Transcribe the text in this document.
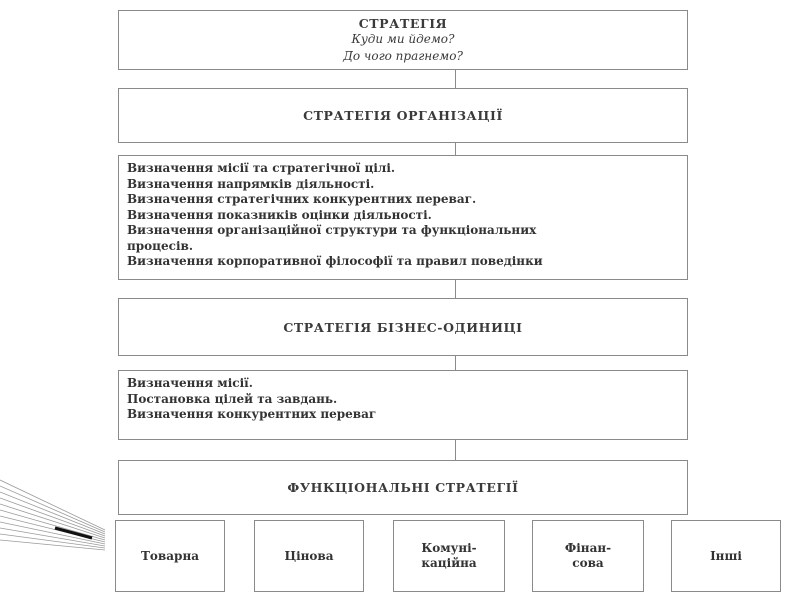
СТРАТЕГІЯ
Куди ми йдемо?
До чого прагнемо?
СТРАТЕГІЯ ОРГАНІЗАЦІЇ
Визначення місії та стратегічної цілі.
Визначення напрямків діяльності.
Визначення стратегічних конкурентних переваг.
Визначення показників оцінки діяльності.
Визначення організаційної структури та функціональних
процесів.
Визначення корпоративної філософії та правил поведінки
СТРАТЕГІЯ БІЗНЕС-ОДИНИЦІ
Визначення місії.
Постановка цілей та завдань.
Визначення конкурентних переваг
ФУНКЦІОНАЛЬНІ СТРАТЕГІЇ
Товарна	Цінова
Комуні-
каційна
Фінан-
сова
Інші
